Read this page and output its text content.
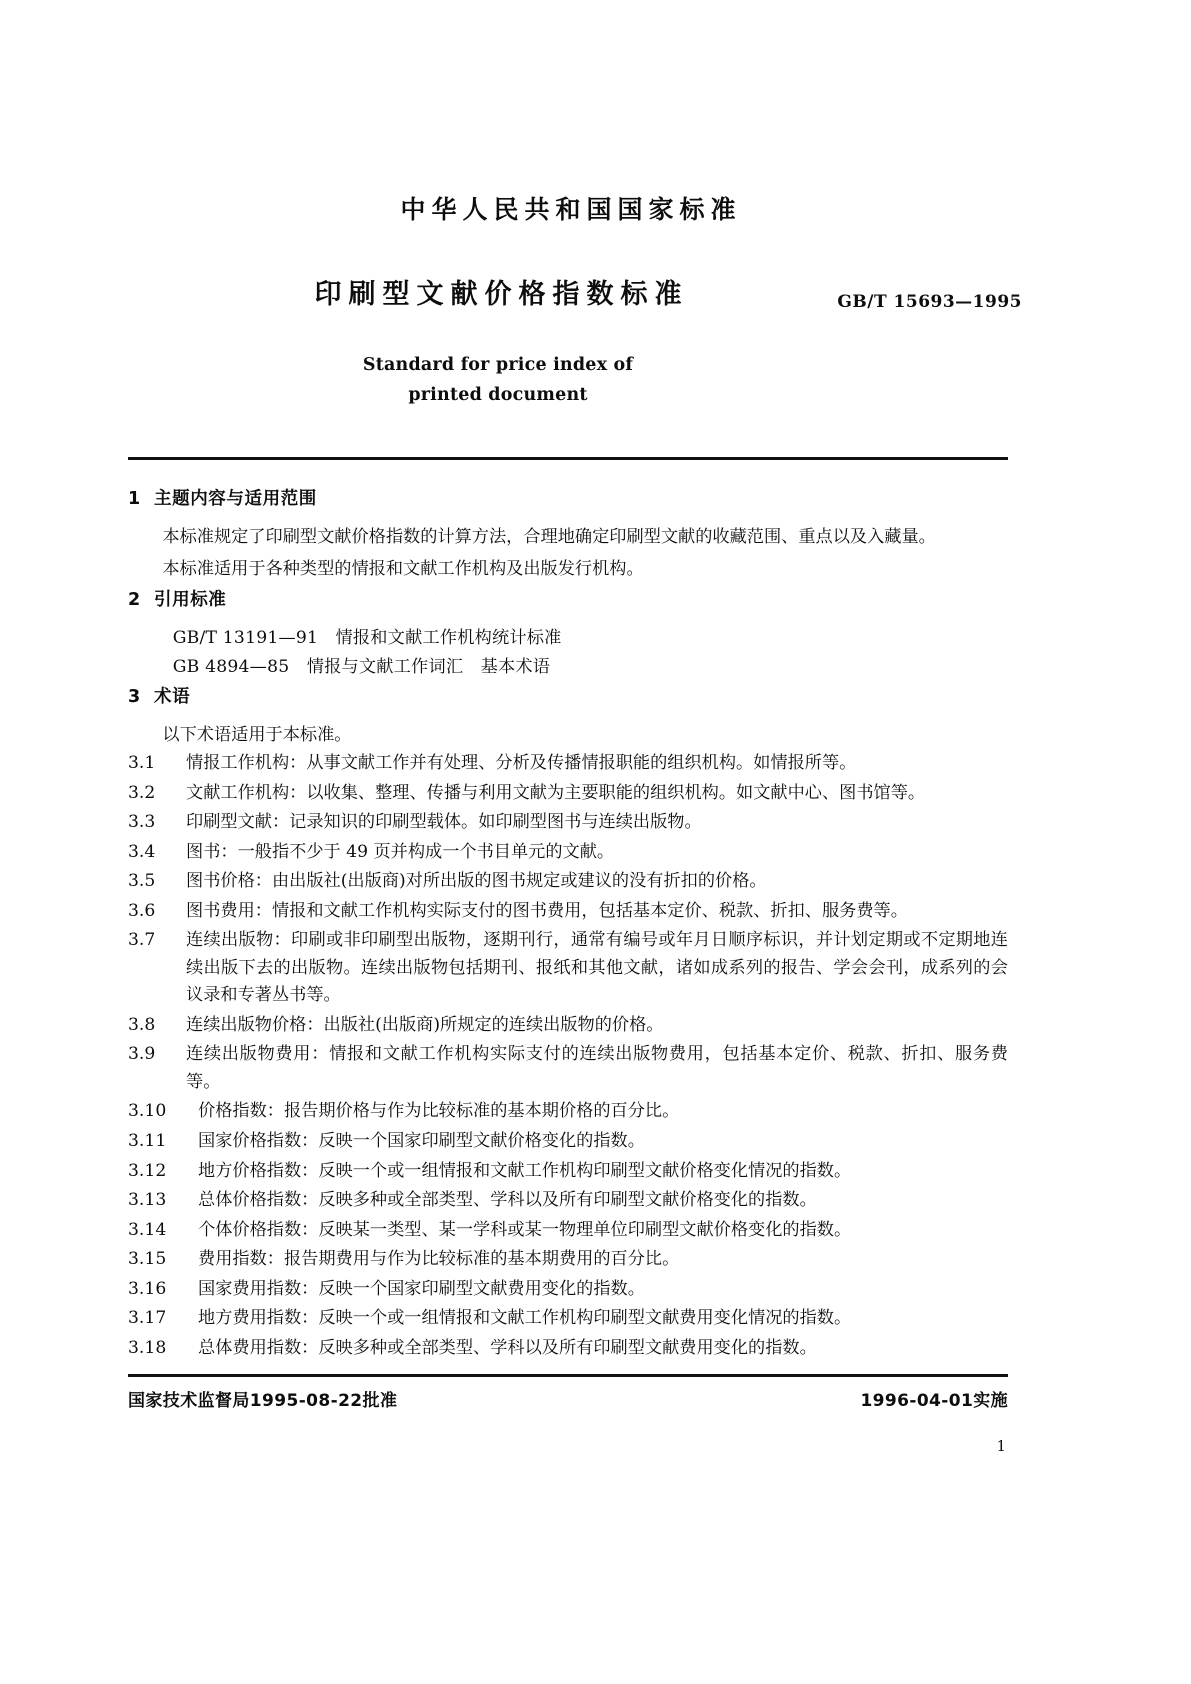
中华人民共和国国家标准
印刷型文献价格指数标准	GB/T 15693—1995
Standard for price index of
printed document
1 主题内容与适用范围

本标准规定了印刷型文献价格指数的计算方法，合理地确定印刷型文献的收藏范围、重点以及入藏量。

本标准适用于各种类型的情报和文献工作机构及出版发行机构。

2 引用标准

GB/T 13191—91　情报和文献工作机构统计标准

GB 4894—85　情报与文献工作词汇　基本术语

3 术语

以下术语适用于本标准。

3.1	情报工作机构：从事文献工作并有处理、分析及传播情报职能的组织机构。如情报所等。
3.2	文献工作机构：以收集、整理、传播与利用文献为主要职能的组织机构。如文献中心、图书馆等。
3.3	印刷型文献：记录知识的印刷型载体。如印刷型图书与连续出版物。
3.4	图书：一般指不少于 49 页并构成一个书目单元的文献。
3.5	图书价格：由出版社(出版商)对所出版的图书规定或建议的没有折扣的价格。
3.6	图书费用：情报和文献工作机构实际支付的图书费用，包括基本定价、税款、折扣、服务费等。
3.7	连续出版物：印刷或非印刷型出版物，逐期刊行，通常有编号或年月日顺序标识，并计划定期或不定期地连续出版下去的出版物。连续出版物包括期刊、报纸和其他文献，诸如成系列的报告、学会会刊，成系列的会议录和专著丛书等。
3.8	连续出版物价格：出版社(出版商)所规定的连续出版物的价格。
3.9	连续出版物费用：情报和文献工作机构实际支付的连续出版物费用，包括基本定价、税款、折扣、服务费等。
3.10	价格指数：报告期价格与作为比较标准的基本期价格的百分比。
3.11	国家价格指数：反映一个国家印刷型文献价格变化的指数。
3.12	地方价格指数：反映一个或一组情报和文献工作机构印刷型文献价格变化情况的指数。
3.13	总体价格指数：反映多种或全部类型、学科以及所有印刷型文献价格变化的指数。
3.14	个体价格指数：反映某一类型、某一学科或某一物理单位印刷型文献价格变化的指数。
3.15	费用指数：报告期费用与作为比较标准的基本期费用的百分比。
3.16	国家费用指数：反映一个国家印刷型文献费用变化的指数。
3.17	地方费用指数：反映一个或一组情报和文献工作机构印刷型文献费用变化情况的指数。
3.18	总体费用指数：反映多种或全部类型、学科以及所有印刷型文献费用变化的指数。
国家技术监督局1995-08-22批准	1996-04-01实施
1
